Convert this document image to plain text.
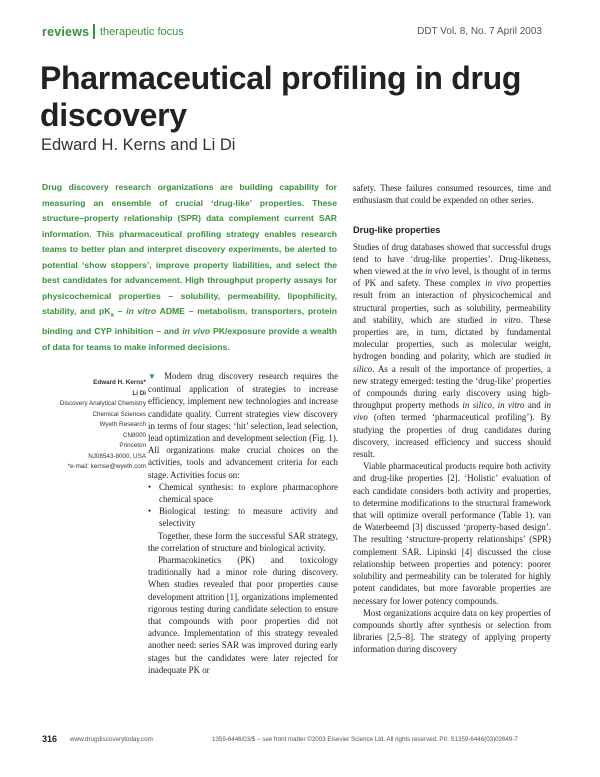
reviews therapeutic focus	DDT Vol. 8, No. 7 April 2003
Pharmaceutical profiling in drug discovery
Edward H. Kerns and Li Di
Drug discovery research organizations are building capability for measuring an ensemble of crucial ‘drug-like’ properties. These structure–property relationship (SPR) data complement current SAR information. This pharmaceutical profiling strategy enables research teams to better plan and interpret discovery experiments, be alerted to potential ‘show stoppers’, improve property liabilities, and select the best candidates for advancement. High throughput property assays for physicochemical properties – solubility, permeability, lipophilicity, stability, and $pK_a$ – in vitro ADME – metabolism, transporters, protein binding and CYP inhibition – and in vivo PK/exposure provide a wealth of data for teams to make informed decisions.
Edward H. Kerns*
Li Di
Discovery Analytical Chemistry
Chemical Sciences
Wyeth Research
CN8000
Princeton
NJ08543-8000, USA
*e-mail: kernse@wyeth.com

▼ Modern drug discovery research requires the continual application of strategies to increase efficiency, implement new technologies and increase candidate quality. Current strategies view discovery in terms of four stages: ‘hit’ selection, lead selection, lead optimization and development selection (Fig. 1). All organizations make crucial choices on the activities, tools and advancement criteria for each stage. Activities focus on:

• Chemical synthesis: to explore pharmacophore chemical space
• Biological testing: to measure activity and selectivity

Together, these form the successful SAR strategy, the correlation of structure and biological activity.

Pharmacokinetics (PK) and toxicology traditionally had a minor role during discovery. When studies revealed that poor properties cause development attrition [1], organizations implemented rigorous testing during candidate selection to ensure that compounds with poor properties did not advance. Implementation of this strategy revealed another need: series SAR was improved during early stages but the candidates were later rejected for inadequate PK or

safety. These failures consumed resources, time and enthusiasm that could be expended on other series.

Drug-like properties

Studies of drug databases showed that successful drugs tend to have ‘drug-like properties’. Drug-likeness, when viewed at the in vivo level, is thought of in terms of PK and safety. These complex in vivo properties result from an interaction of physicochemical and structural properties, such as solubility, permeability and stability, which are studied in vitro. These properties are, in turn, dictated by fundamental molecular properties, such as molecular weight, hydrogen bonding and polarity, which are studied in silico. As a result of the importance of properties, a new strategy emerged: testing the ‘drug-like’ properties of compounds during early discovery using high-throughput property methods in silico, in vitro and in vivo (often termed ‘pharmaceutical profiling’). By studying the properties of drug candidates during discovery, increased efficiency and success should result.

Viable pharmaceutical products require both activity and drug-like properties [2]. ‘Holistic’ evaluation of each candidate considers both activity and properties, to determine modifications to the structural framework that will optimize overall performance (Table 1). van de Waterbeemd [3] discussed ‘property-based design’. The resulting ‘structure-property relationships’ (SPR) complement SAR. Lipinski [4] discussed the close relationship between properties and potency: poorer solubility and permeability can be tolerated for highly potent candidates, but more favorable properties are necessary for lower potency compounds.

Most organizations acquire data on key properties of compounds shortly after synthesis or selection from libraries [2,5–8]. The strategy of applying property information during discovery

316 www.drugdiscoverytoday.com	1359-6446/03/$ – see front matter ©2003 Elsevier Science Ltd. All rights reserved. PII: S1359-6446(03)02649-7
